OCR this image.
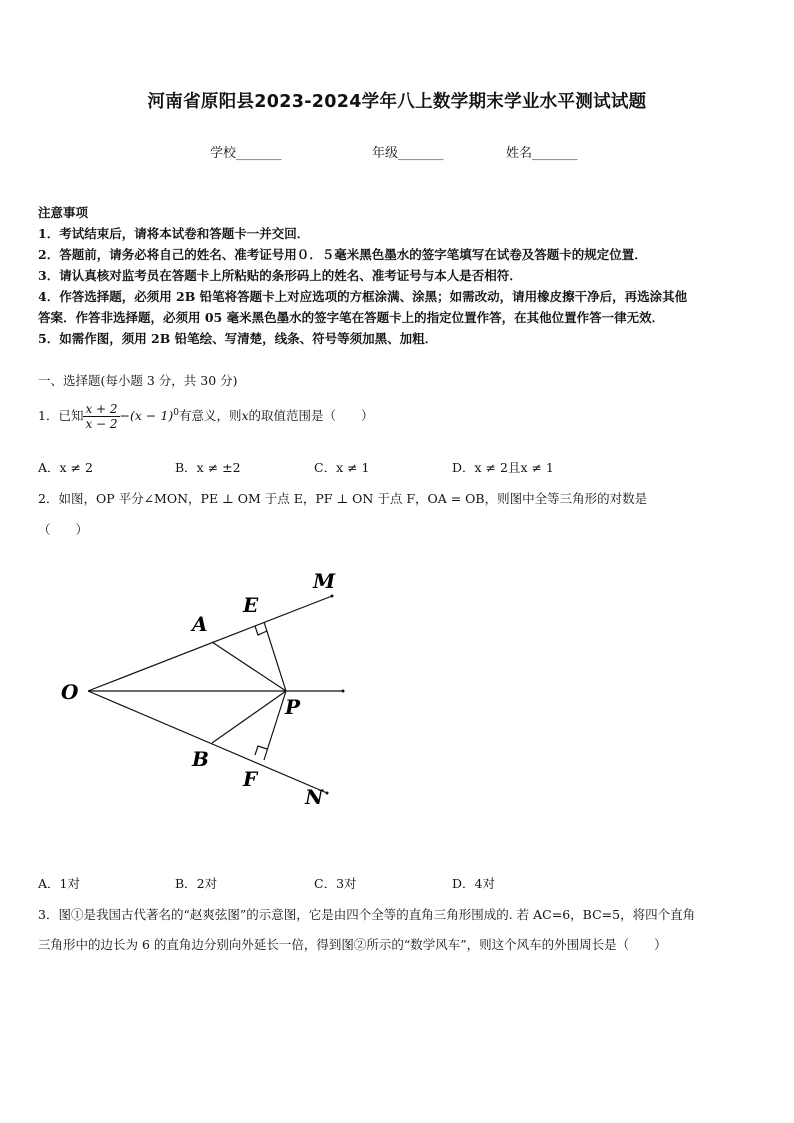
河南省原阳县2023-2024学年八上数学期末学业水平测试试题
学校_______	年级_______	姓名_______
注意事项
1．考试结束后，请将本试卷和答题卡一并交回．
2．答题前，请务必将自己的姓名、准考证号用０．５毫米黑色墨水的签字笔填写在试卷及答题卡的规定位置．
3．请认真核对监考员在答题卡上所粘贴的条形码上的姓名、准考证号与本人是否相符．
4．作答选择题，必须用 2B 铅笔将答题卡上对应选项的方框涂满、涂黑；如需改动，请用橡皮擦干净后，再选涂其他
答案．作答非选择题，必须用 05 毫米黑色墨水的签字笔在答题卡上的指定位置作答，在其他位置作答一律无效．
5．如需作图，须用 2B 铅笔绘、写清楚，线条、符号等须加黑、加粗．
一、选择题(每小题 3 分，共 30 分)
1．已知 $\frac{x + 2}{x - 2} -(x - 1)^0$有意义，则x的取值范围是（　　）
A．x ≠ 2	B．x ≠ ±2	C．x ≠ 1	D．x ≠ 2且x ≠ 1
2．如图，OP 平分∠MON，PE ⊥ OM 于点 E，PF ⊥ ON 于点 F，OA = OB，则图中全等三角形的对数是
（　　）
M
E
A
O
P
B
F
N
A．1对	B．2对	C．3对	D．4对
3．图①是我国古代著名的“赵爽弦图”的示意图，它是由四个全等的直角三角形围成的. 若 AC=6，BC=5，将四个直角
三角形中的边长为 6 的直角边分别向外延长一倍，得到图②所示的“数学风车”，则这个风车的外围周长是（　　）
